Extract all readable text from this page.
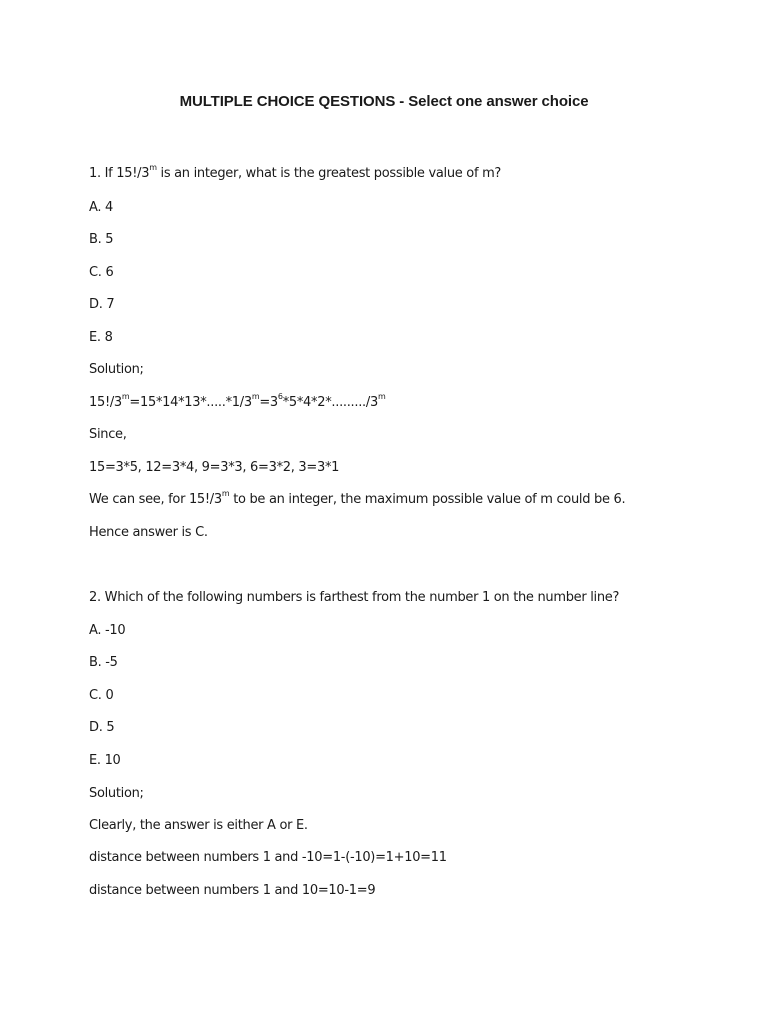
MULTIPLE CHOICE QESTIONS - Select one answer choice
1. If 15!/3$^m$ is an integer, what is the greatest possible value of m?
A. 4
B. 5
C. 6
D. 7
E. 8
Solution;
$15!/3^m=15*14*13*.....*1/3^m=3^6*5*4*2*........./3^m$
Since,
15=3*5, 12=3*4, 9=3*3, 6=3*2, 3=3*1
We can see, for 15!/3$^m$ to be an integer, the maximum possible value of m could be 6.
Hence answer is C.
2. Which of the following numbers is farthest from the number 1 on the number line?
A. -10
B. -5
C. 0
D. 5
E. 10
Solution;
Clearly, the answer is either A or E.
distance between numbers 1 and -10=1-(-10)=1+10=11
distance between numbers 1 and 10=10-1=9
